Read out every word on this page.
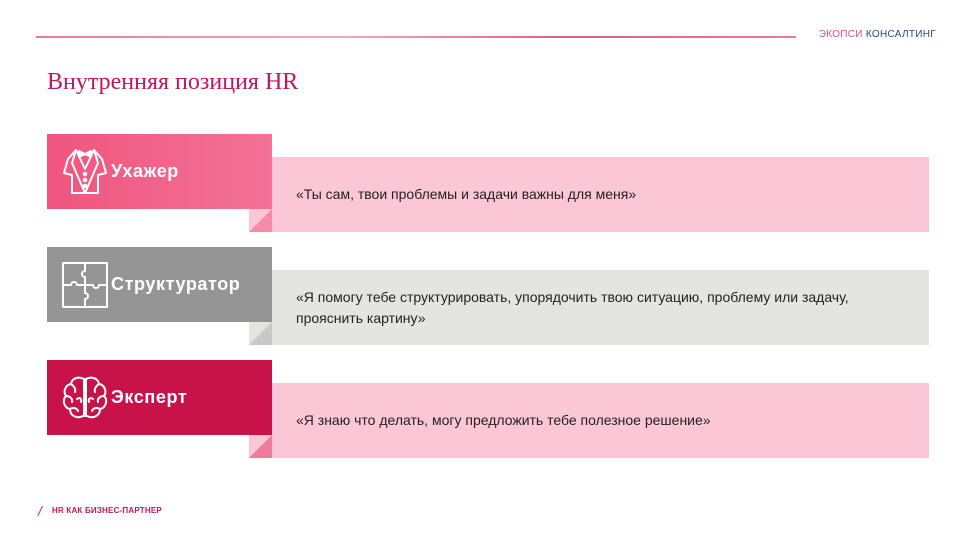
ЭКОПСИ КОНСАЛТИНГ
Внутренняя позиция HR
«Ты сам, твои проблемы и задачи важны для меня»
Ухажер
«Я помогу тебе структурировать, упорядочить твою ситуацию, проблему или задачу, прояснить картину»
Структуратор
«Я знаю что делать, могу предложить тебе полезное решение»
Эксперт
/ HR КАК БИЗНЕС-ПАРТНЕР
